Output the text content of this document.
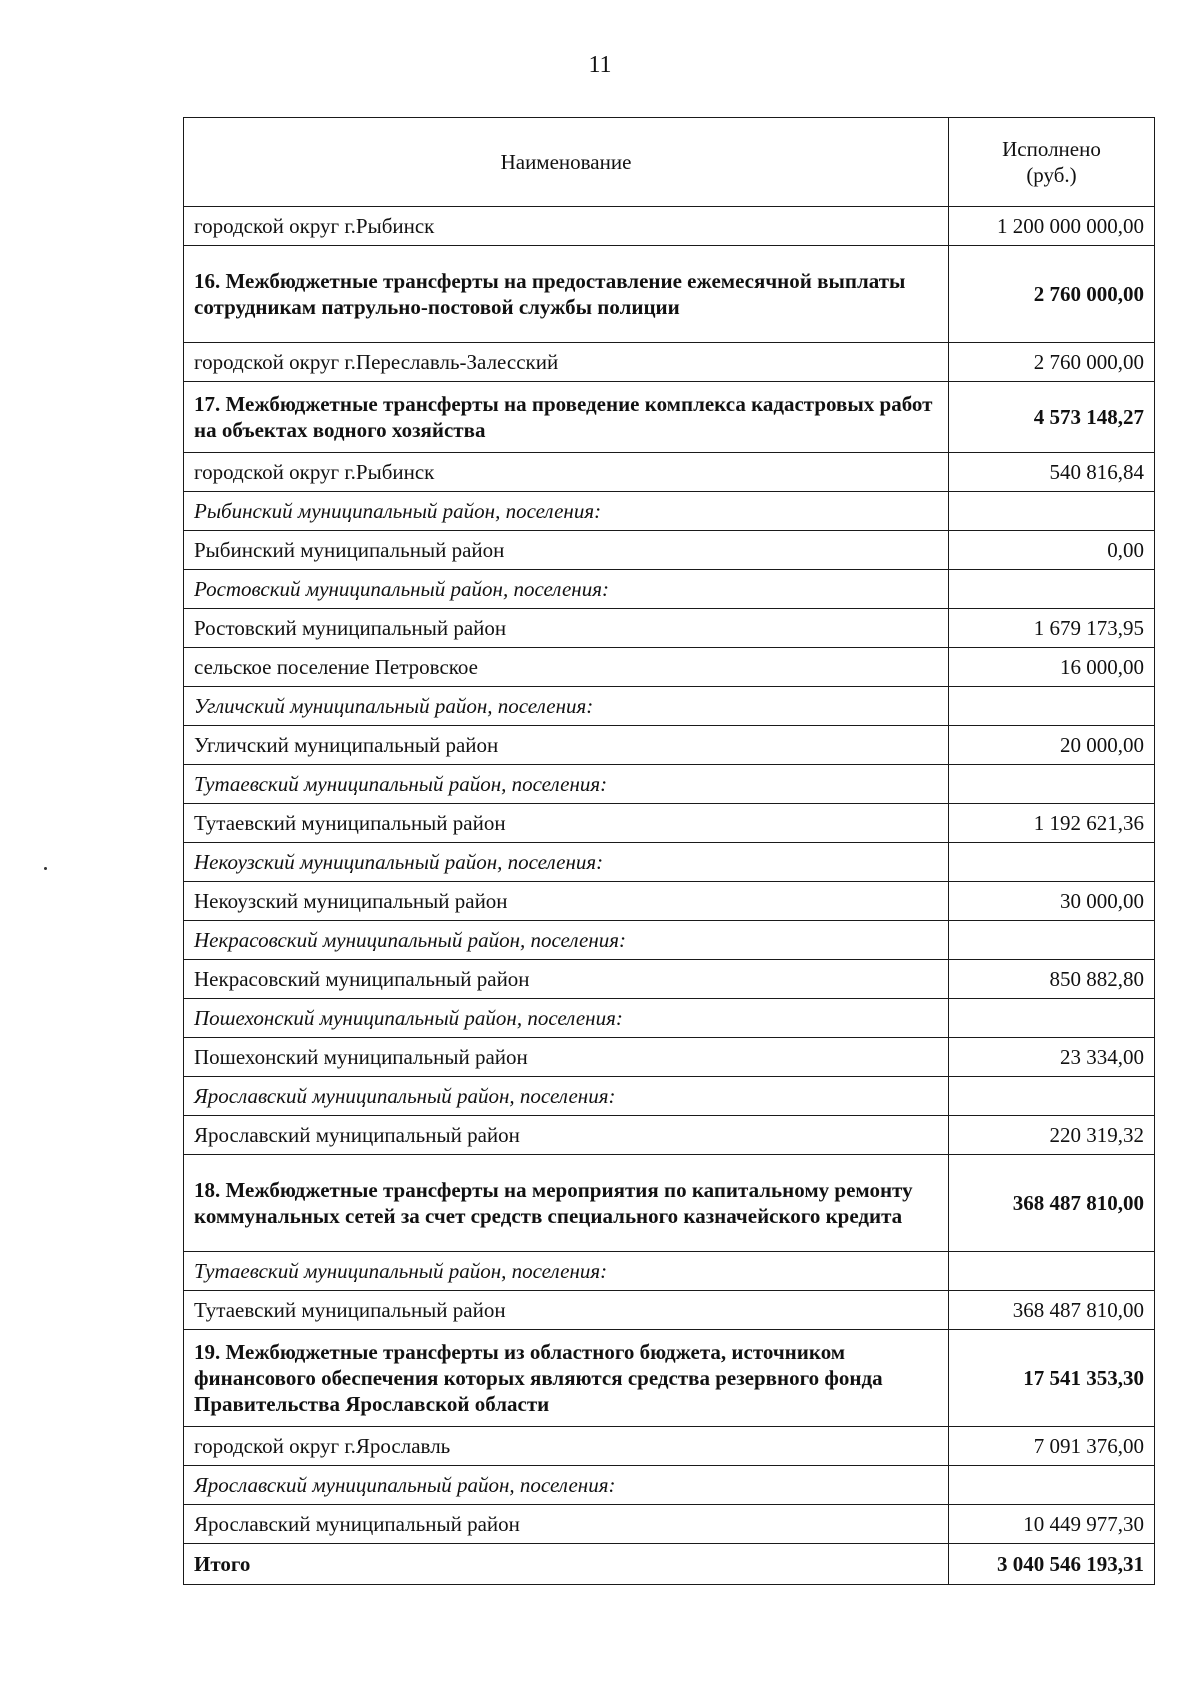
11
Наименование	Исполнено
(руб.)
городской округ г.Рыбинск	1 200 000 000,00
16. Межбюджетные трансферты на предоставление ежемесячной выплаты сотрудникам патрульно-постовой службы полиции	2 760 000,00
городской округ г.Переславль-Залесский	2 760 000,00
17. Межбюджетные трансферты на проведение комплекса кадастровых работ на объектах водного хозяйства	4 573 148,27
городской округ г.Рыбинск	540 816,84
Рыбинский муниципальный район, поселения:	
Рыбинский муниципальный район	0,00
Ростовский муниципальный район, поселения:	
Ростовский муниципальный район	1 679 173,95
сельское поселение Петровское	16 000,00
Угличский муниципальный район, поселения:	
Угличский муниципальный район	20 000,00
Тутаевский муниципальный район, поселения:	
Тутаевский муниципальный район	1 192 621,36
Некоузский муниципальный район, поселения:	
Некоузский муниципальный район	30 000,00
Некрасовский муниципальный район, поселения:	
Некрасовский муниципальный район	850 882,80
Пошехонский муниципальный район, поселения:	
Пошехонский муниципальный район	23 334,00
Ярославский муниципальный район, поселения:	
Ярославский муниципальный район	220 319,32
18. Межбюджетные трансферты на мероприятия по капитальному ремонту коммунальных сетей за счет средств специального казначейского кредита	368 487 810,00
Тутаевский муниципальный район, поселения:	
Тутаевский муниципальный район	368 487 810,00
19. Межбюджетные трансферты из областного бюджета, источником финансового обеспечения которых являются средства резервного фонда Правительства Ярославской области	17 541 353,30
городской округ г.Ярославль	7 091 376,00
Ярославский муниципальный район, поселения:	
Ярославский муниципальный район	10 449 977,30
Итого	3 040 546 193,31
